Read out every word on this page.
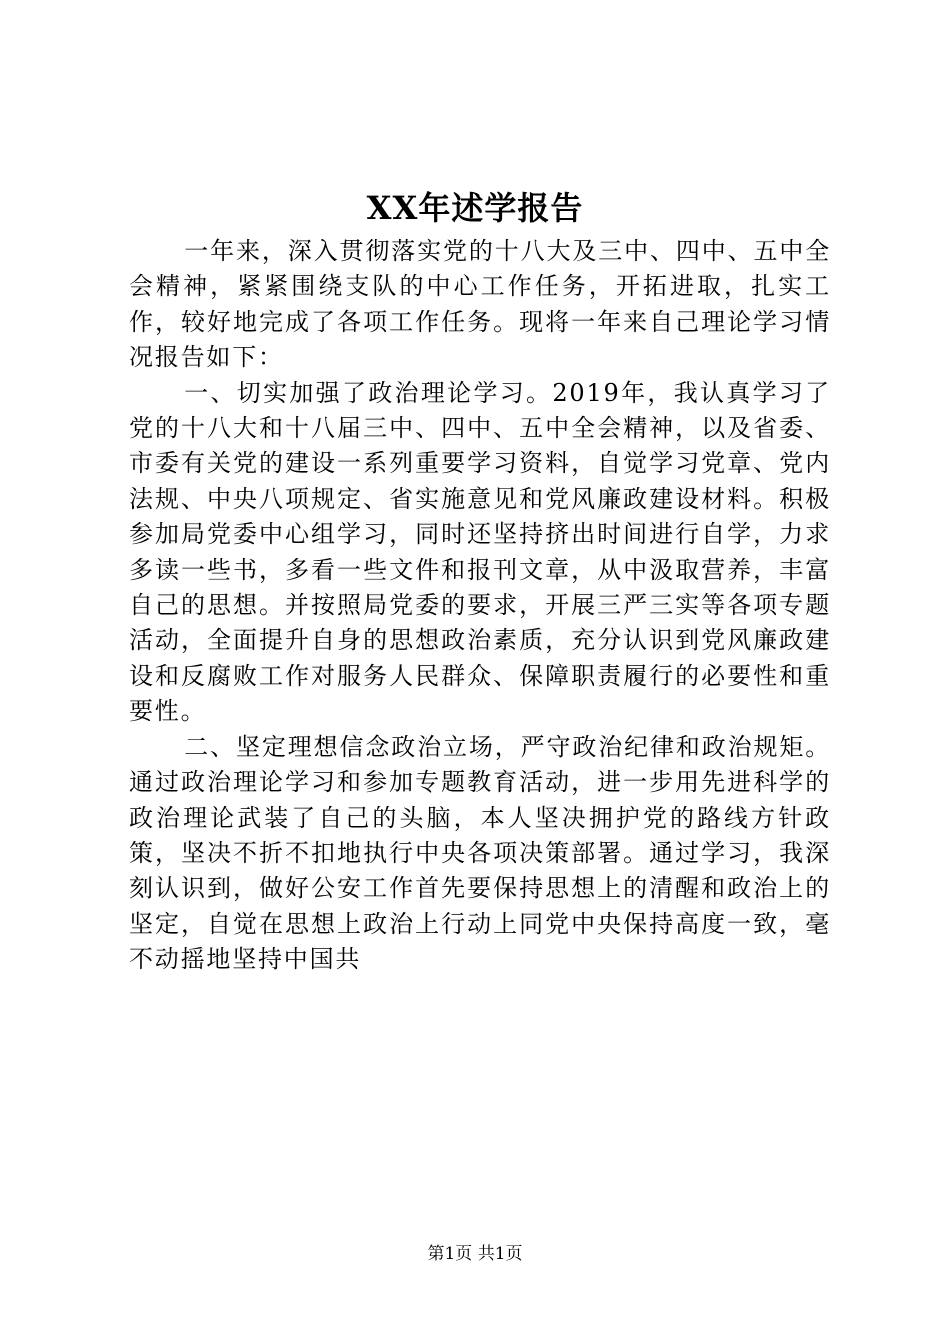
XX年述学报告

一年来，深入贯彻落实党的十八大及三中、四中、五中全会精神，紧紧围绕支队的中心工作任务，开拓进取，扎实工作，较好地完成了各项工作任务。现将一年来自己理论学习情况报告如下：

一、切实加强了政治理论学习。2019年，我认真学习了党的十八大和十八届三中、四中、五中全会精神，以及省委、市委有关党的建设一系列重要学习资料，自觉学习党章、党内法规、中央八项规定、省实施意见和党风廉政建设材料。积极参加局党委中心组学习，同时还坚持挤出时间进行自学，力求多读一些书，多看一些文件和报刊文章，从中汲取营养，丰富自己的思想。并按照局党委的要求，开展三严三实等各项专题活动，全面提升自身的思想政治素质，充分认识到党风廉政建设和反腐败工作对服务人民群众、保障职责履行的必要性和重要性。

二、坚定理想信念政治立场，严守政治纪律和政治规矩。通过政治理论学习和参加专题教育活动，进一步用先进科学的政治理论武装了自己的头脑，本人坚决拥护党的路线方针政策，坚决不折不扣地执行中央各项决策部署。通过学习，我深刻认识到，做好公安工作首先要保持思想上的清醒和政治上的坚定，自觉在思想上政治上行动上同党中央保持高度一致，毫不动摇地坚持中国共

第1页 共1页
